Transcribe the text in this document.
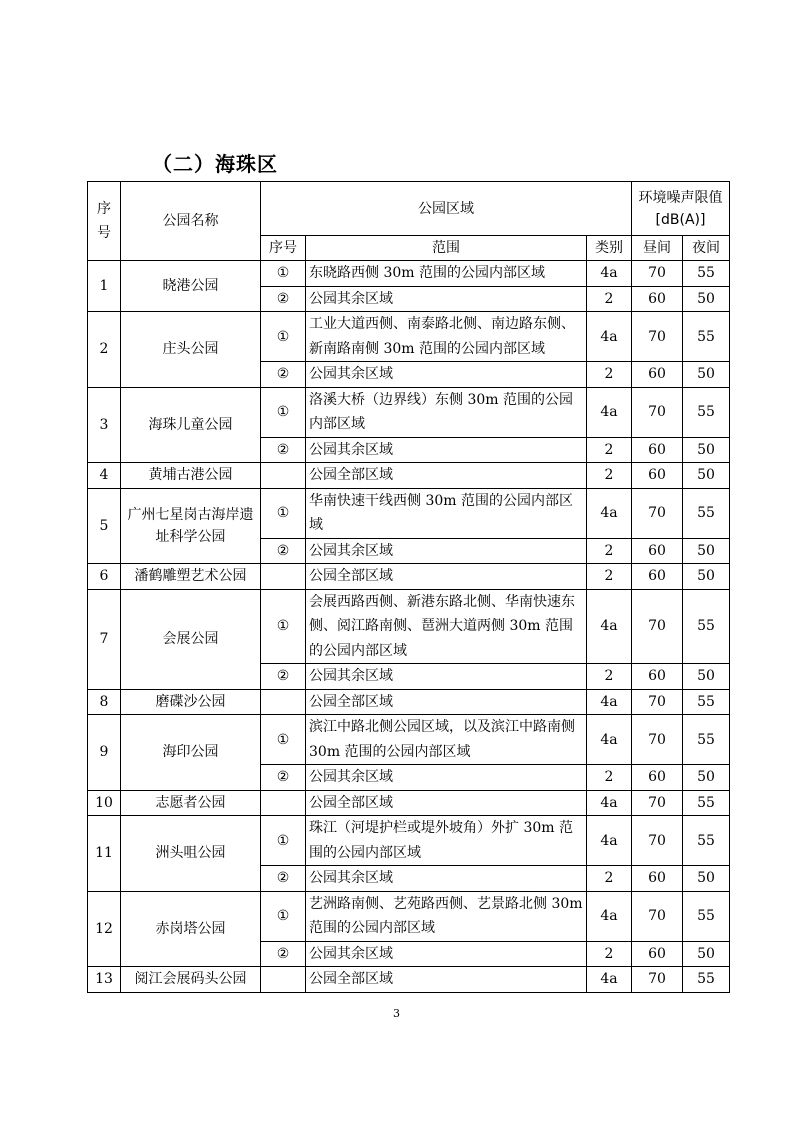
（二）海珠区
序号	公园名称	公园区域			环境噪声限值[dB(A)]	
		序号	范围	类别	昼间	夜间
1	晓港公园	①	东晓路西侧 30m 范围的公园内部区域	4a	70	55
		②	公园其余区域	2	60	50
2	庄头公园	①	工业大道西侧、南泰路北侧、南边路东侧、新南路南侧 30m 范围的公园内部区域	4a	70	55
		②	公园其余区域	2	60	50
3	海珠儿童公园	①	洛溪大桥（边界线）东侧 30m 范围的公园内部区域	4a	70	55
		②	公园其余区域	2	60	50
4	黄埔古港公园		公园全部区域	2	60	50
5	广州七星岗古海岸遗址科学公园	①	华南快速干线西侧 30m 范围的公园内部区域	4a	70	55
		②	公园其余区域	2	60	50
6	潘鹤雕塑艺术公园		公园全部区域	2	60	50
7	会展公园	①	会展西路西侧、新港东路北侧、华南快速东侧、阅江路南侧、琶洲大道两侧 30m 范围的公园内部区域	4a	70	55
		②	公园其余区域	2	60	50
8	磨碟沙公园		公园全部区域	4a	70	55
9	海印公园	①	滨江中路北侧公园区域，以及滨江中路南侧 30m 范围的公园内部区域	4a	70	55
		②	公园其余区域	2	60	50
10	志愿者公园		公园全部区域	4a	70	55
11	洲头咀公园	①	珠江（河堤护栏或堤外坡角）外扩 30m 范围的公园内部区域	4a	70	55
		②	公园其余区域	2	60	50
12	赤岗塔公园	①	艺洲路南侧、艺苑路西侧、艺景路北侧 30m 范围的公园内部区域	4a	70	55
		②	公园其余区域	2	60	50
13	阅江会展码头公园		公园全部区域	4a	70	55
3
